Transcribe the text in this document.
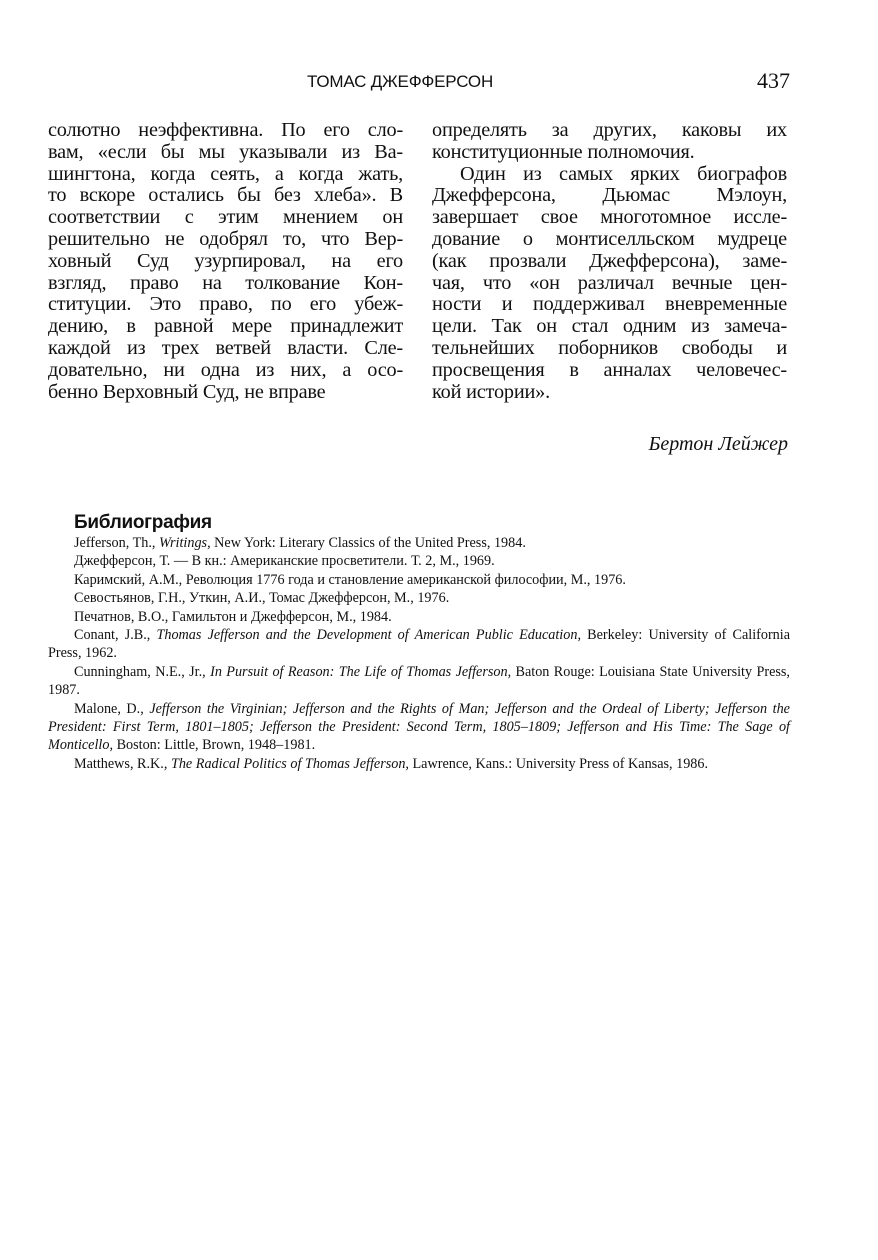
ТОМАС ДЖЕФФЕРСОН	437

солютно неэффективна. По его сло-
вам, «если бы мы указывали из Ва-
шингтона, когда сеять, а когда жать,
то вскоре остались бы без хлеба». В
соответствии с этим мнением он
решительно не одобрял то, что Вер-
ховный Суд узурпировал, на его
взгляд, право на толкование Кон-
ституции. Это право, по его убеж-
дению, в равной мере принадлежит
каждой из трех ветвей власти. Сле-
довательно, ни одна из них, а осо-
бенно Верховный Суд, не вправе

определять за других, каковы их
конституционные полномочия.

Один из самых ярких биографов
Джефферсона, Дьюмас Мэлоун,
завершает свое многотомное иссле-
дование о монтиселльском мудреце
(как прозвали Джефферсона), заме-
чая, что «он различал вечные цен-
ности и поддерживал вневременные
цели. Так он стал одним из замеча-
тельнейших поборников свободы и
просвещения в анналах человечес-
кой истории».

Бертон Лейжер
Библиография
Jefferson, Th., Writings, New York: Literary Classics of the United Press, 1984.
Джефферсон, Т. — В кн.: Американские просветители. Т. 2, М., 1969.
Каримский, А.М., Революция 1776 года и становление американской философии, М., 1976.
Севостьянов, Г.Н., Уткин, А.И., Томас Джефферсон, М., 1976.
Печатнов, В.О., Гамильтон и Джефферсон, М., 1984.
Conant, J.B., Thomas Jefferson and the Development of American Public Education, Berkeley: University of California Press, 1962.
Cunningham, N.E., Jr., In Pursuit of Reason: The Life of Thomas Jefferson, Baton Rouge: Louisiana State University Press, 1987.
Malone, D., Jefferson the Virginian; Jefferson and the Rights of Man; Jefferson and the Ordeal of Liberty; Jefferson the President: First Term, 1801–1805; Jefferson the President: Second Term, 1805–1809; Jefferson and His Time: The Sage of Monticello, Boston: Little, Brown, 1948–1981.
Matthews, R.K., The Radical Politics of Thomas Jefferson, Lawrence, Kans.: University Press of Kansas, 1986.
